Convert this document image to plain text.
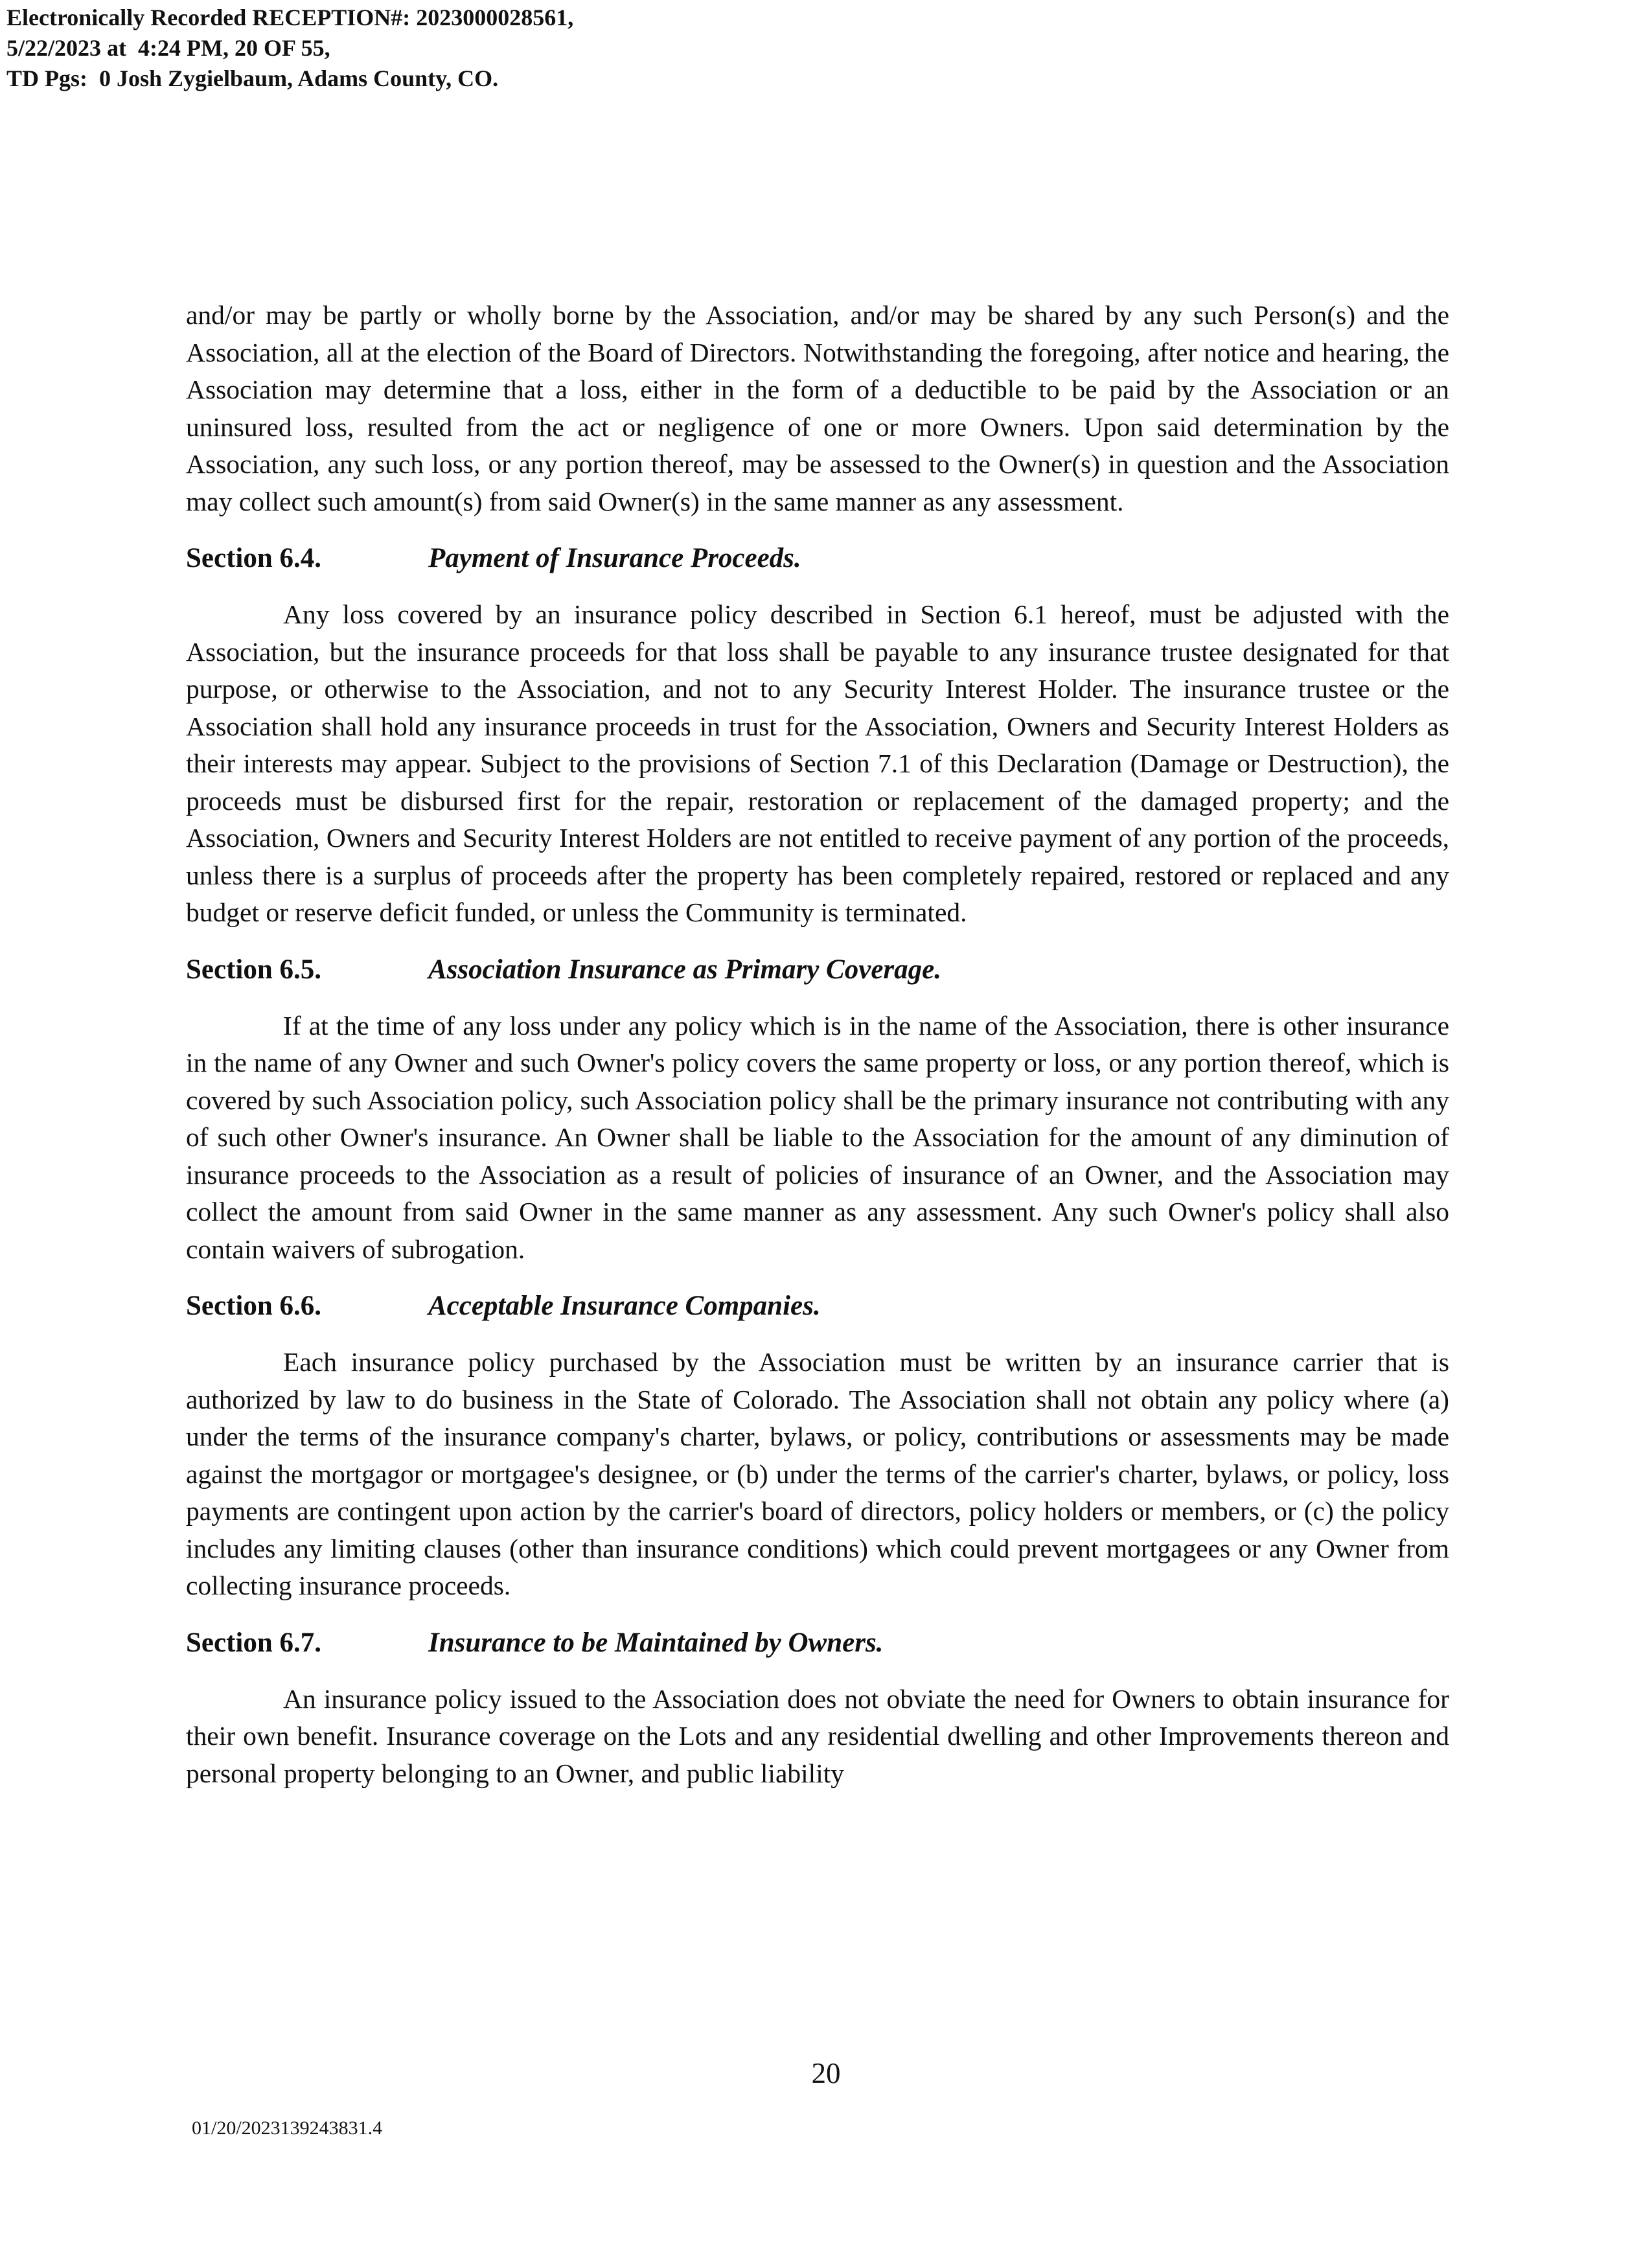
Electronically Recorded RECEPTION#: 2023000028561,
5/22/2023 at  4:24 PM, 20 OF 55,
TD Pgs:  0 Josh Zygielbaum, Adams County, CO.

and/or may be partly or wholly borne by the Association, and/or may be shared by any such Person(s) and the Association, all at the election of the Board of Directors. Notwithstanding the foregoing, after notice and hearing, the Association may determine that a loss, either in the form of a deductible to be paid by the Association or an uninsured loss, resulted from the act or negligence of one or more Owners. Upon said determination by the Association, any such loss, or any portion thereof, may be assessed to the Owner(s) in question and the Association may collect such amount(s) from said Owner(s) in the same manner as any assessment.

Section 6.4.	Payment of Insurance Proceeds.

Any loss covered by an insurance policy described in Section 6.1 hereof, must be adjusted with the Association, but the insurance proceeds for that loss shall be payable to any insurance trustee designated for that purpose, or otherwise to the Association, and not to any Security Interest Holder. The insurance trustee or the Association shall hold any insurance proceeds in trust for the Association, Owners and Security Interest Holders as their interests may appear. Subject to the provisions of Section 7.1 of this Declaration (Damage or Destruction), the proceeds must be disbursed first for the repair, restoration or replacement of the damaged property; and the Association, Owners and Security Interest Holders are not entitled to receive payment of any portion of the proceeds, unless there is a surplus of proceeds after the property has been completely repaired, restored or replaced and any budget or reserve deficit funded, or unless the Community is terminated.

Section 6.5.	Association Insurance as Primary Coverage.

If at the time of any loss under any policy which is in the name of the Association, there is other insurance in the name of any Owner and such Owner's policy covers the same property or loss, or any portion thereof, which is covered by such Association policy, such Association policy shall be the primary insurance not contributing with any of such other Owner's insurance. An Owner shall be liable to the Association for the amount of any diminution of insurance proceeds to the Association as a result of policies of insurance of an Owner, and the Association may collect the amount from said Owner in the same manner as any assessment. Any such Owner's policy shall also contain waivers of subrogation.

Section 6.6.	Acceptable Insurance Companies.

Each insurance policy purchased by the Association must be written by an insurance carrier that is authorized by law to do business in the State of Colorado. The Association shall not obtain any policy where (a) under the terms of the insurance company's charter, bylaws, or policy, contributions or assessments may be made against the mortgagor or mortgagee's designee, or (b) under the terms of the carrier's charter, bylaws, or policy, loss payments are contingent upon action by the carrier's board of directors, policy holders or members, or (c) the policy includes any limiting clauses (other than insurance conditions) which could prevent mortgagees or any Owner from collecting insurance proceeds.

Section 6.7.	Insurance to be Maintained by Owners.

An insurance policy issued to the Association does not obviate the need for Owners to obtain insurance for their own benefit. Insurance coverage on the Lots and any residential dwelling and other Improvements thereon and personal property belonging to an Owner, and public liability

20
01/20/2023139243831.4
